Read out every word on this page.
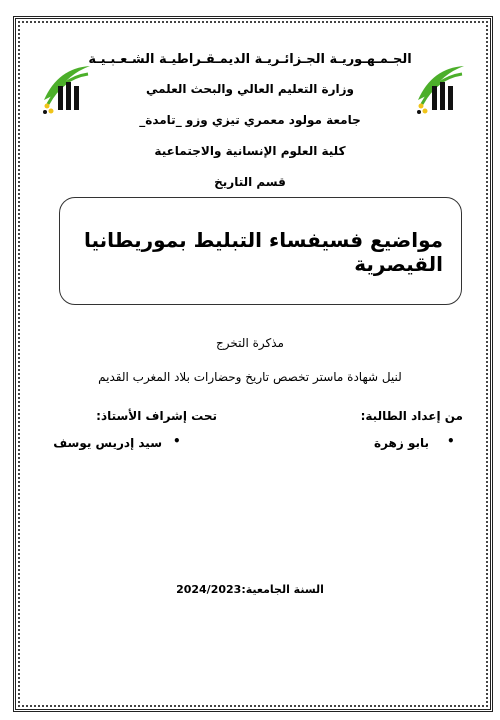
الجـمـهـوريـة الجـزائـريـة الديمـقـراطيـة الشـعـبـيـة
وزارة التعليم العالي والبحث العلمي
جامعة مولود معمري تيزي وزو _تامدة_
كلية العلوم الإنسانية والاجتماعية
قسم التاريخ
مواضيع فسيفساء التبليط بموريطانيا القيصرية
مذكرة التخرج
لنيل شهادة ماستر تخصص تاريخ وحضارات بلاد المغرب القديم
من إعداد الطالبة:
تحت إشراف الأستاذ:
•
بابو زهرة
•
سيد إدريس يوسف
السنة الجامعية:2024/2023
